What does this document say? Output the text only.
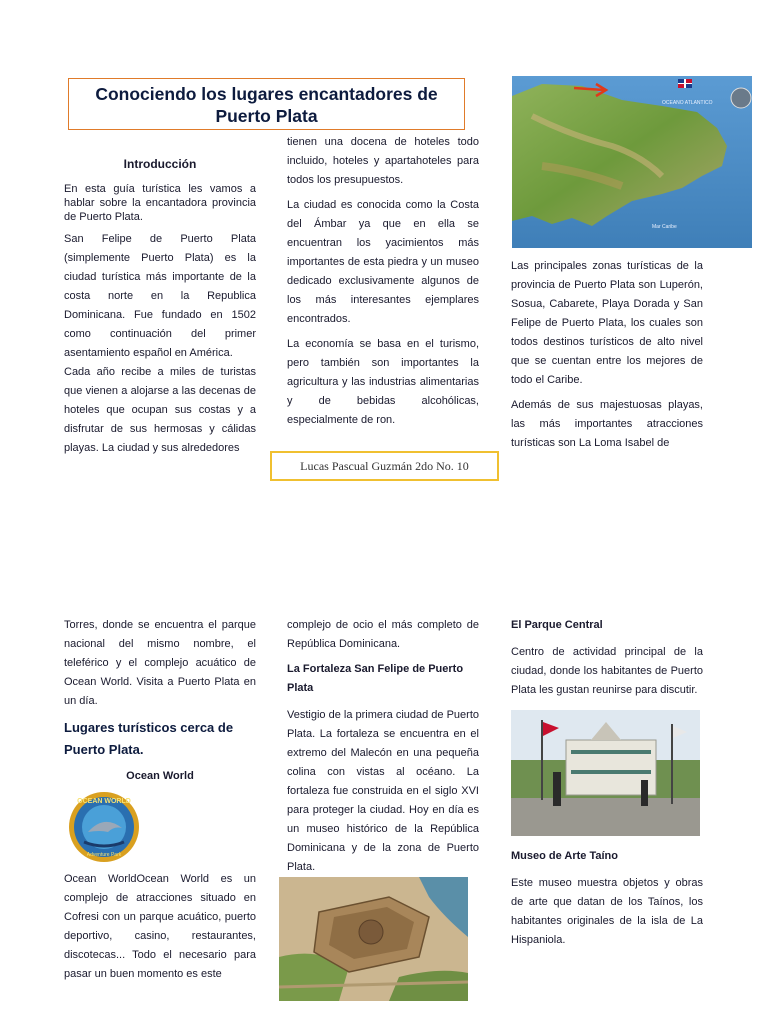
Conociendo los lugares encantadores de Puerto Plata
Introducción

En esta guía turística les vamos a hablar sobre la encantadora provincia de Puerto Plata.

San Felipe de Puerto Plata (simplemente Puerto Plata) es la ciudad turística más importante de la costa norte en la Republica Dominicana. Fue fundado en 1502 como continuación del primer asentamiento español en América.

Cada año recibe a miles de turistas que vienen a alojarse a las decenas de hoteles que ocupan sus costas y a disfrutar de sus hermosas y cálidas playas. La ciudad y sus alrededores

tienen una docena de hoteles todo incluido, hoteles y apartahoteles para todos los presupuestos.

La ciudad es conocida como la Costa del Ámbar ya que en ella se encuentran los yacimientos más importantes de esta piedra y un museo dedicado exclusivamente algunos de los más interesantes ejemplares encontrados.

La economía se basa en el turismo, pero también son importantes la agricultura y las industrias alimentarias y de bebidas alcohólicas, especialmente de ron.

Lucas Pascual Guzmán 2do No. 10
OCEANO ATLANTICO
Mar Caribe

Las principales zonas turísticas de la provincia de Puerto Plata son Luperón, Sosua, Cabarete, Playa Dorada y San Felipe de Puerto Plata, los cuales son todos destinos turísticos de alto nivel que se cuentan entre los mejores de todo el Caribe.

Además de sus majestuosas playas, las más importantes atracciones turísticas son La Loma Isabel de

Torres, donde se encuentra el parque nacional del mismo nombre, el teleférico y el complejo acuático de Ocean World. Visita a Puerto Plata en un día.

Lugares turísticos cerca de Puerto Plata.
Ocean World
OCEAN WORLD
Adventure Park

Ocean WorldOcean World es un complejo de atracciones situado en Cofresi con un parque acuático, puerto deportivo, casino, restaurantes, discotecas... Todo el necesario para pasar un buen momento es este

complejo de ocio el más completo de República Dominicana.

La Fortaleza San Felipe de Puerto Plata

Vestigio de la primera ciudad de Puerto Plata. La fortaleza se encuentra en el extremo del Malecón en una pequeña colina con vistas al océano. La fortaleza fue construida en el siglo XVI para proteger la ciudad. Hoy en día es un museo histórico de la República Dominicana y de la zona de Puerto Plata.

El Parque Central

Centro de actividad principal de la ciudad, donde los habitantes de Puerto Plata les gustan reunirse para discutir.

Museo de Arte Taíno

Este museo muestra objetos y obras de arte que datan de los Taínos, los habitantes originales de la isla de La Hispaniola.
